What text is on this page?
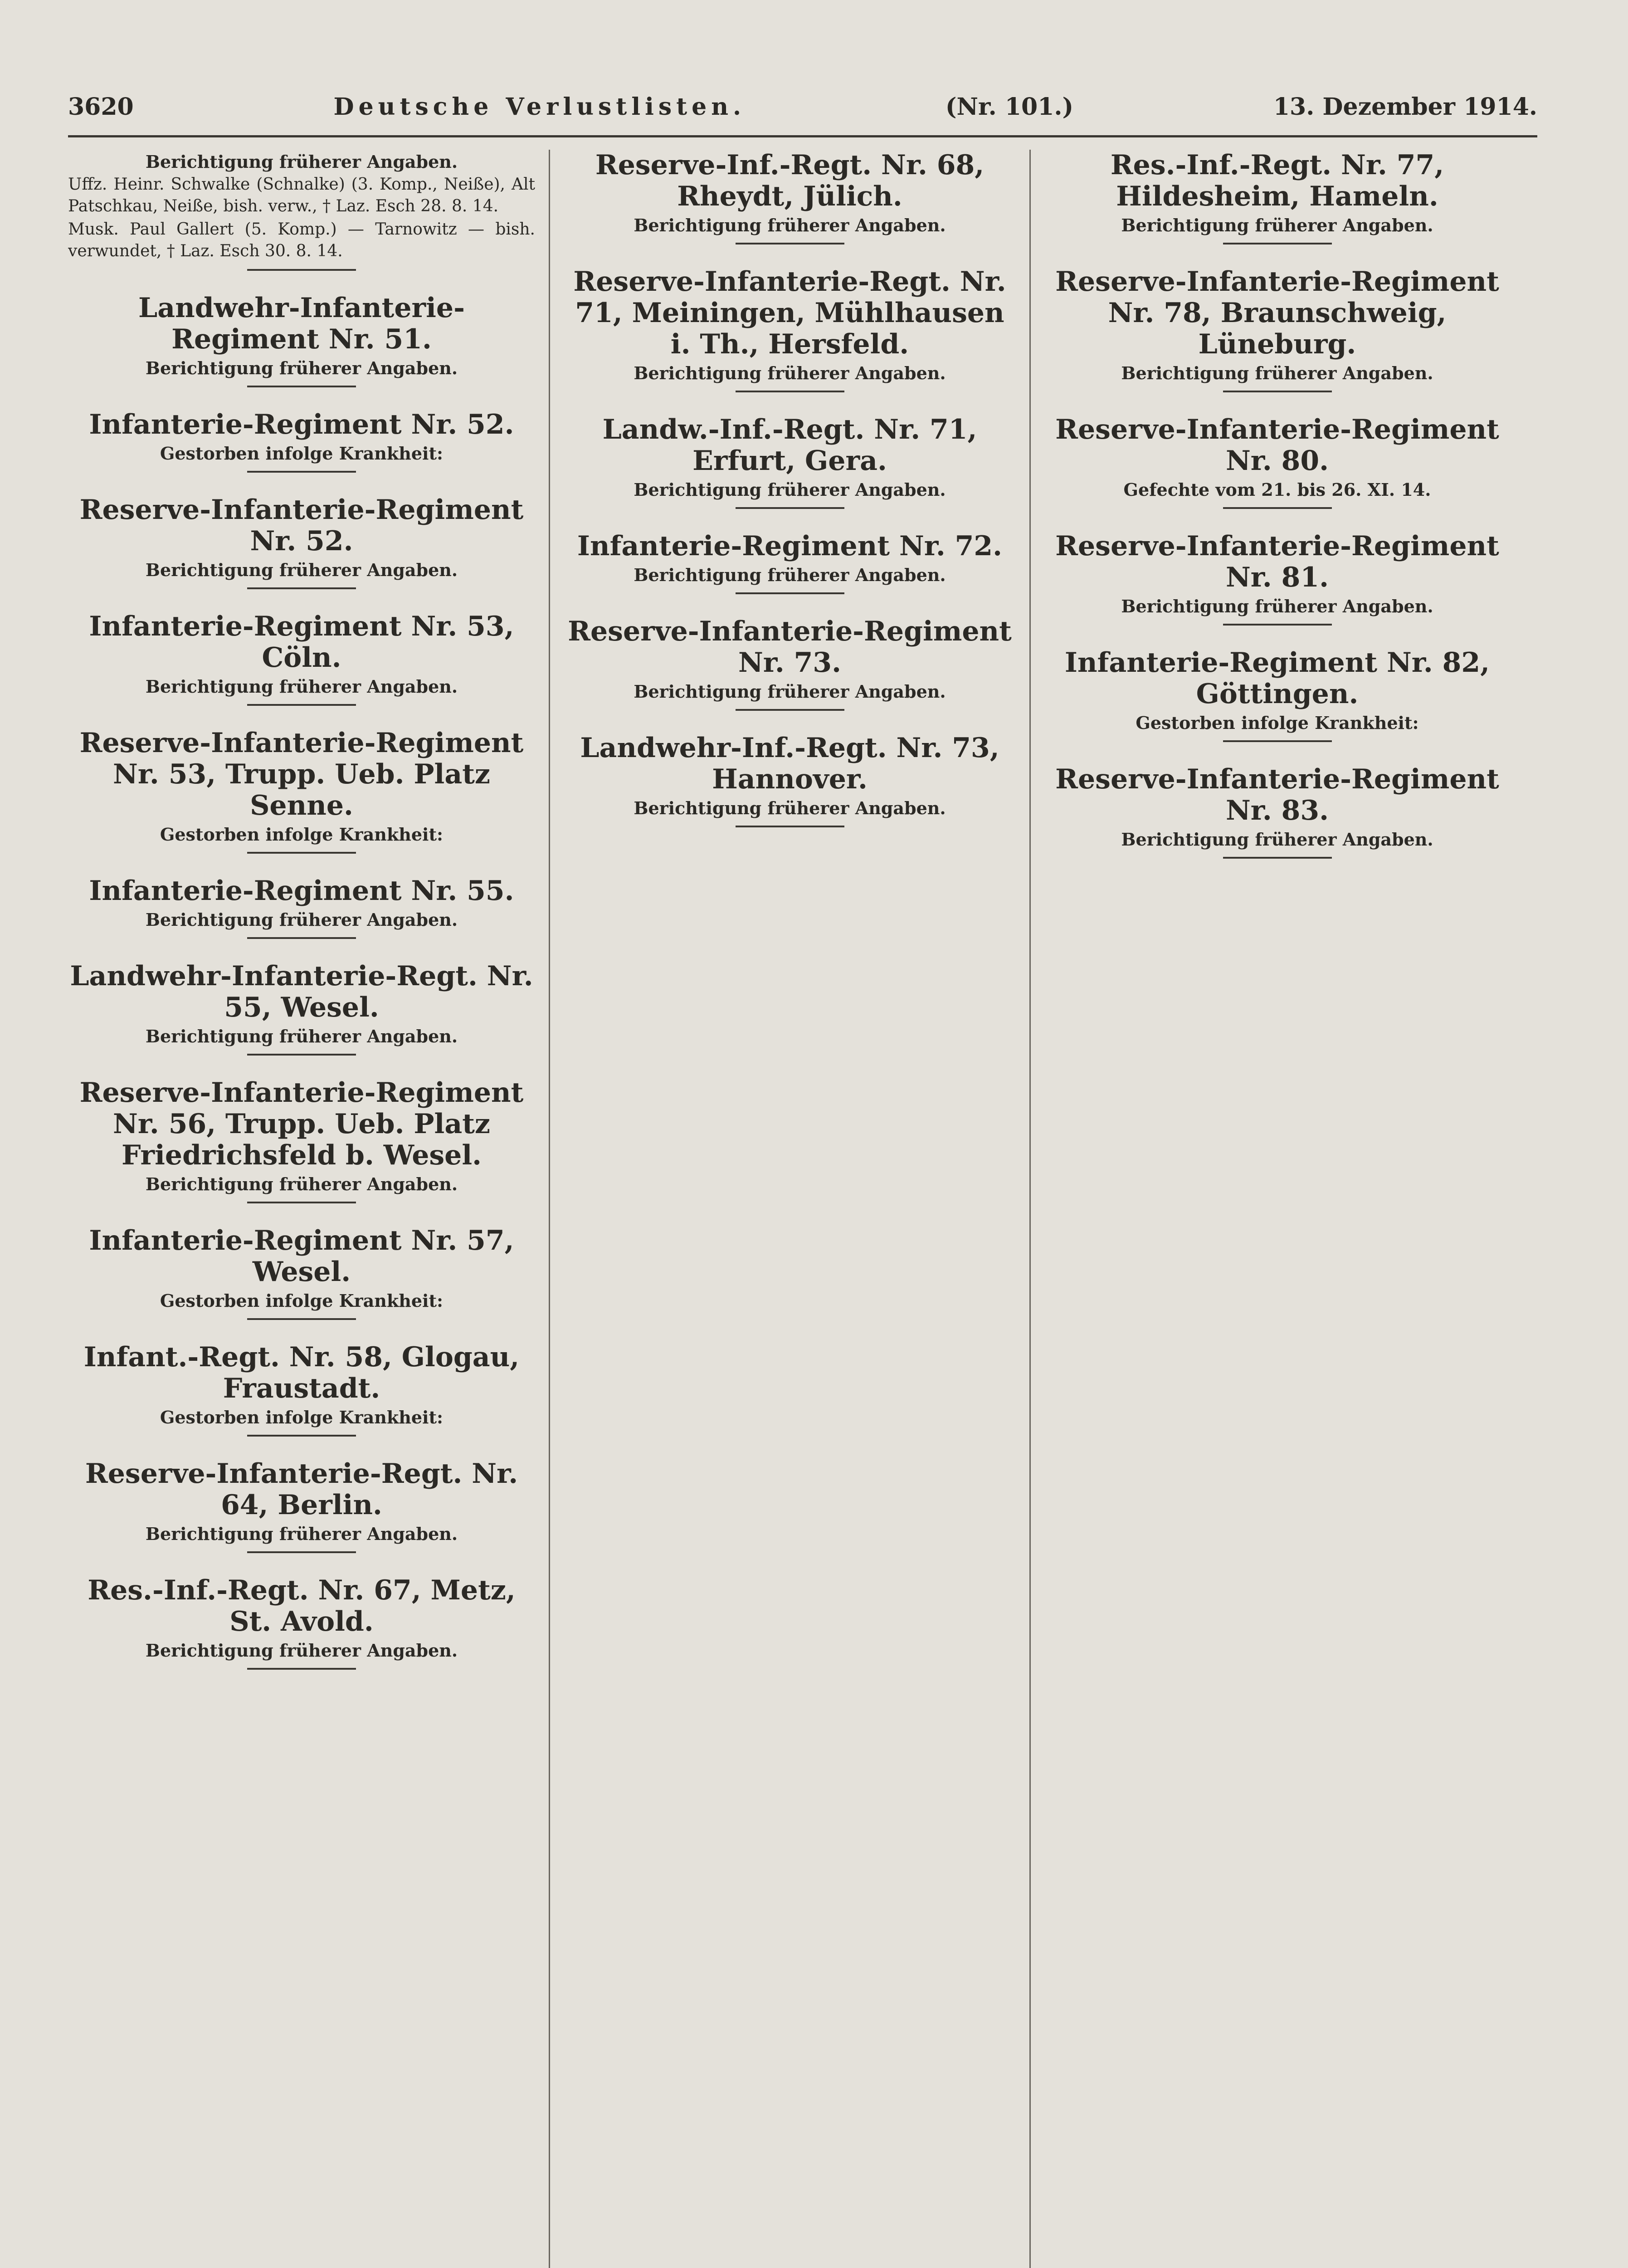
3620	Deutsche Verlustlisten.	(Nr. 101.)	13. Dezember 1914.
Berichtigung früherer Angaben.

Uffz. Heinr. Schwalke (Schnalke) (3. Komp., Neiße), Alt Patschkau, Neiße, bish. verw., † Laz. Esch 28. 8. 14.

Musk. Paul Gallert (5. Komp.) — Tarnowitz — bish. verwundet, † Laz. Esch 30. 8. 14.

Landwehr-Infanterie-Regiment Nr. 51.
Berichtigung früherer Angaben.
Infanterie-Regiment Nr. 52.
Gestorben infolge Krankheit:
Reserve-Infanterie-Regiment Nr. 52.
Berichtigung früherer Angaben.
Infanterie-Regiment Nr. 53, Cöln.
Berichtigung früherer Angaben.
Reserve-Infanterie-Regiment Nr. 53, Trupp. Ueb. Platz Senne.
Gestorben infolge Krankheit:
Infanterie-Regiment Nr. 55.
Berichtigung früherer Angaben.
Landwehr-Infanterie-Regt. Nr. 55, Wesel.
Berichtigung früherer Angaben.
Reserve-Infanterie-Regiment Nr. 56, Trupp. Ueb. Platz Friedrichsfeld b. Wesel.
Berichtigung früherer Angaben.
Infanterie-Regiment Nr. 57, Wesel.
Gestorben infolge Krankheit:
Infant.-Regt. Nr. 58, Glogau, Fraustadt.
Gestorben infolge Krankheit:
Reserve-Infanterie-Regt. Nr. 64, Berlin.
Berichtigung früherer Angaben.
Res.-Inf.-Regt. Nr. 67, Metz, St. Avold.
Berichtigung früherer Angaben.
Reserve-Inf.-Regt. Nr. 68, Rheydt, Jülich.
Berichtigung früherer Angaben.
Reserve-Infanterie-Regt. Nr. 71, Meiningen, Mühlhausen i. Th., Hersfeld.
Berichtigung früherer Angaben.
Landw.-Inf.-Regt. Nr. 71, Erfurt, Gera.
Berichtigung früherer Angaben.
Infanterie-Regiment Nr. 72.
Berichtigung früherer Angaben.
Reserve-Infanterie-Regiment Nr. 73.
Berichtigung früherer Angaben.
Landwehr-Inf.-Regt. Nr. 73, Hannover.
Berichtigung früherer Angaben.
Res.-Inf.-Regt. Nr. 77, Hildesheim, Hameln.
Berichtigung früherer Angaben.
Reserve-Infanterie-Regiment Nr. 78, Braunschweig, Lüneburg.
Berichtigung früherer Angaben.
Reserve-Infanterie-Regiment Nr. 80.
Gefechte vom 21. bis 26. XI. 14.
Reserve-Infanterie-Regiment Nr. 81.
Berichtigung früherer Angaben.
Infanterie-Regiment Nr. 82, Göttingen.
Gestorben infolge Krankheit:
Reserve-Infanterie-Regiment Nr. 83.
Berichtigung früherer Angaben.
